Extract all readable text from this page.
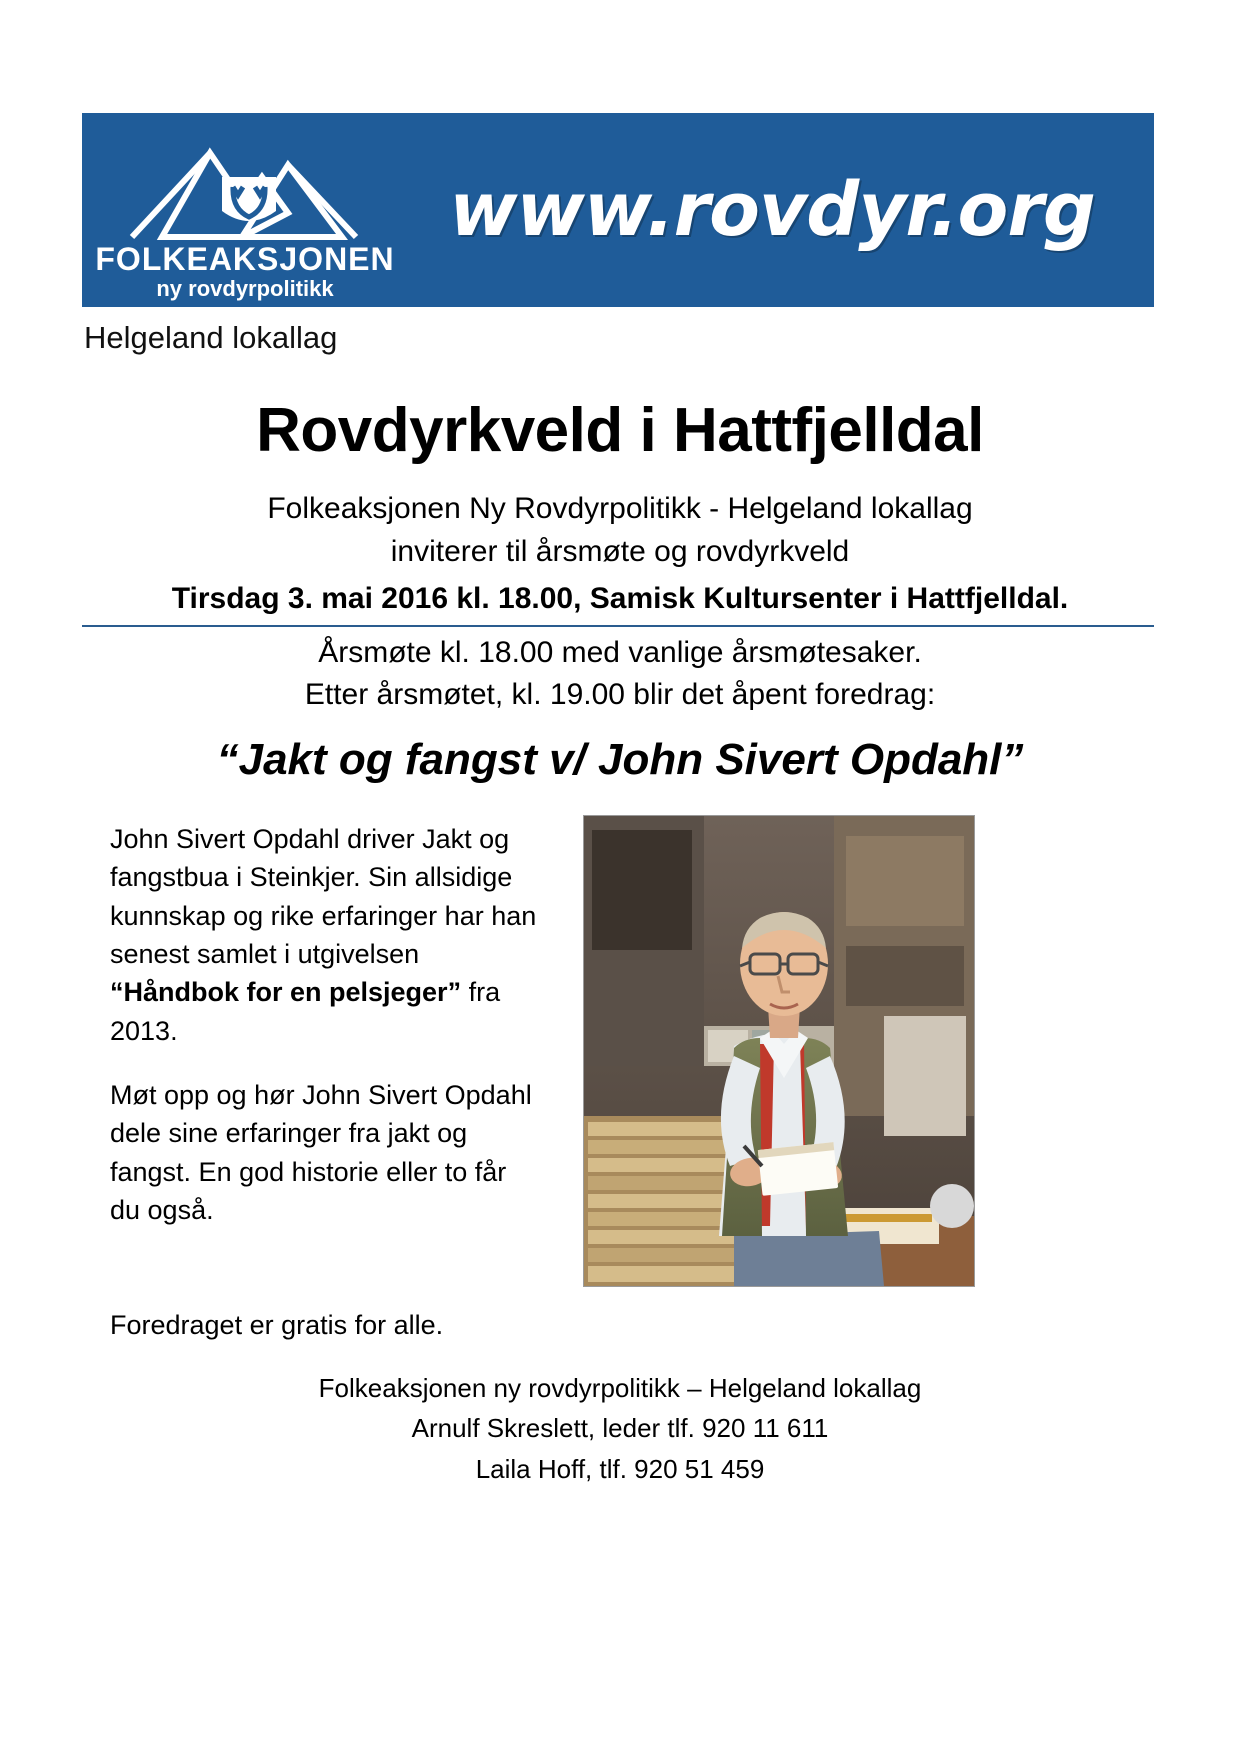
FOLKEAKSJONEN
ny rovdyrpolitikk
www.rovdyr.org
Helgeland lokallag
Rovdyrkveld i Hattfjelldal
Folkeaksjonen Ny Rovdyrpolitikk - Helgeland lokallag
inviterer til årsmøte og rovdyrkveld
Tirsdag 3. mai 2016 kl. 18.00, Samisk Kultursenter i Hattfjelldal.
Årsmøte kl. 18.00 med vanlige årsmøtesaker.
Etter årsmøtet, kl. 19.00 blir det åpent foredrag:
“Jakt og fangst v/ John Sivert Opdahl”

John Sivert Opdahl driver Jakt og fangstbua i Steinkjer. Sin allsidige kunnskap og rike erfaringer har han senest samlet i utgivelsen “Håndbok for en pelsjeger” fra 2013.

Møt opp og hør John Sivert Opdahl dele sine erfaringer fra jakt og fangst. En god historie eller to får du også.

Foredraget er gratis for alle.
Folkeaksjonen ny rovdyrpolitikk – Helgeland lokallag
Arnulf Skreslett, leder tlf. 920 11 611
Laila Hoff, tlf. 920 51 459
